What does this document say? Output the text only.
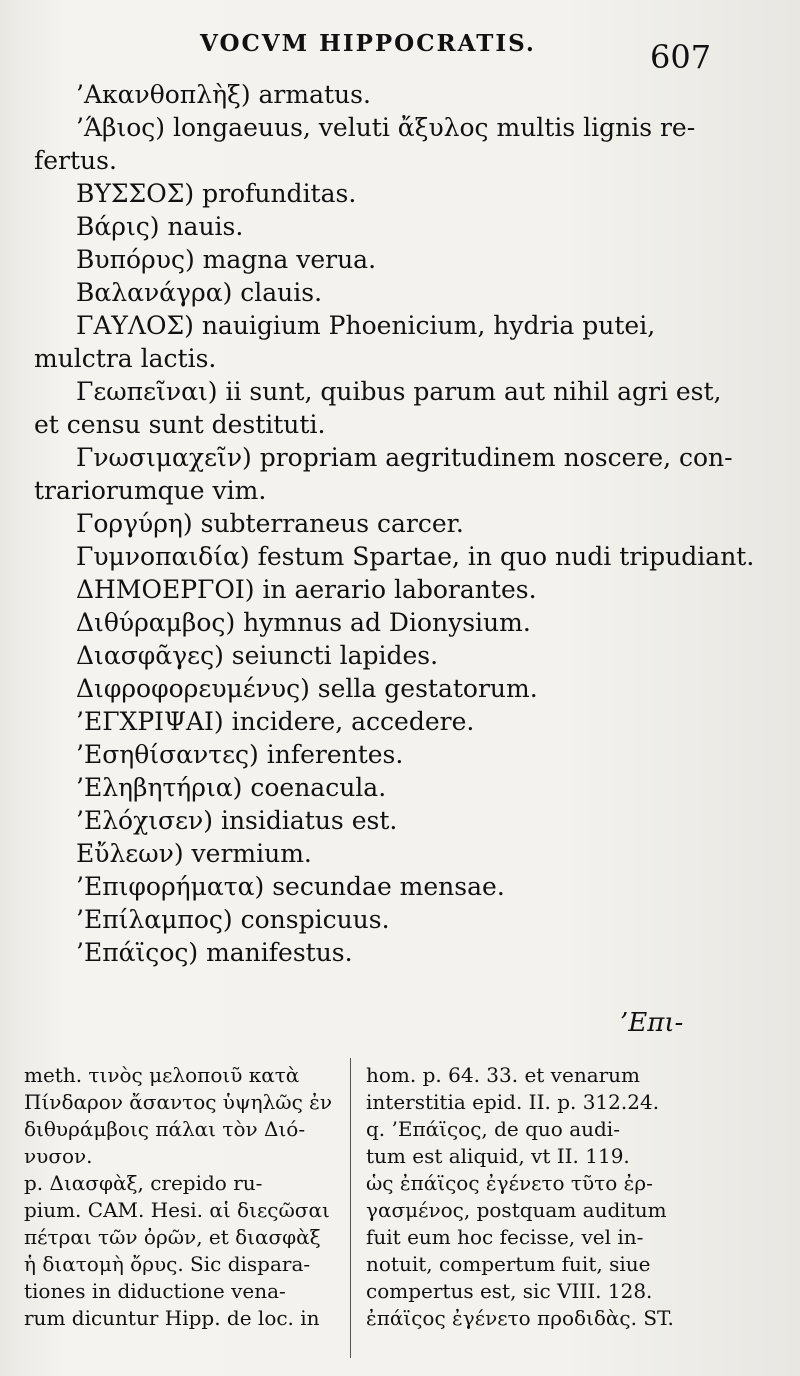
VOCVM HIPPOCRATIS.	607
’Ακανθοπλὴξ) armatus.
’Άβιος) longaeuus, veluti ἄξυλος multis lignis re-
fertus.
ΒΥΣΣΟΣ) profunditas.
Βάρις) nauis.
Βυπόρυς) magna verua.
Βαλανάγρα) clauis.
ΓΑΥΛΟΣ) nauigium Phoenicium, hydria putei,
mulctra lactis.
Γεωπεῖναι) ii sunt, quibus parum aut nihil agri est,
et censu sunt destituti.
Γνωσιμαχεῖν) propriam aegritudinem noscere, con-
trariorumque vim.
Γοργύρη) subterraneus carcer.
Γυμνοπαιδία) festum Spartae, in quo nudi tripudiant.
ΔΗΜΟΕΡΓΟΙ) in aerario laborantes.
Διθύραμβος) hymnus ad Dionysium.
Διασφᾶγες) seiuncti lapides.
Διφροφορευμένυς) sella gestatorum.
’ΕΓΧΡΙΨΑΙ) incidere, accedere.
’Εσηθίσαντες) inferentes.
’Εληβητήρια) coenacula.
’Ελόχισεν) insidiatus est.
Εὔλεων) vermium.
’Επιφορήματα) secundae mensae.
’Επίλαμπος) conspicuus.
’Επάϊςος) manifestus.
’Επι-
meth. τινὸς μελοποιῦ κατὰ
Πίνδαρον ἄσαντος ὑψηλῶς ἐν
διθυράμβοις πάλαι τὸν Διό-
νυσον.
p. Διασφὰξ, crepido ru-
pium. CAM. Hesi. αἱ διεςῶσαι
πέτραι τῶν ὀρῶν, et διασφὰξ
ἡ διατομὴ ὄρυς. Sic dispara-
tiones in diductione vena-
rum dicuntur Hipp. de loc. in
hom. p. 64. 33. et venarum
interstitia epid. II. p. 312.24.
q. ’Επάϊςος, de quo audi-
tum est aliquid, vt II. 119.
ὡς ἐπάϊςος ἐγένετο τῦτο ἐρ-
γασμένος, postquam auditum
fuit eum hoc fecisse, vel in-
notuit, compertum fuit, siue
compertus est, sic VIII. 128.
ἐπάϊςος ἐγένετο προδιδὰς. ST.
